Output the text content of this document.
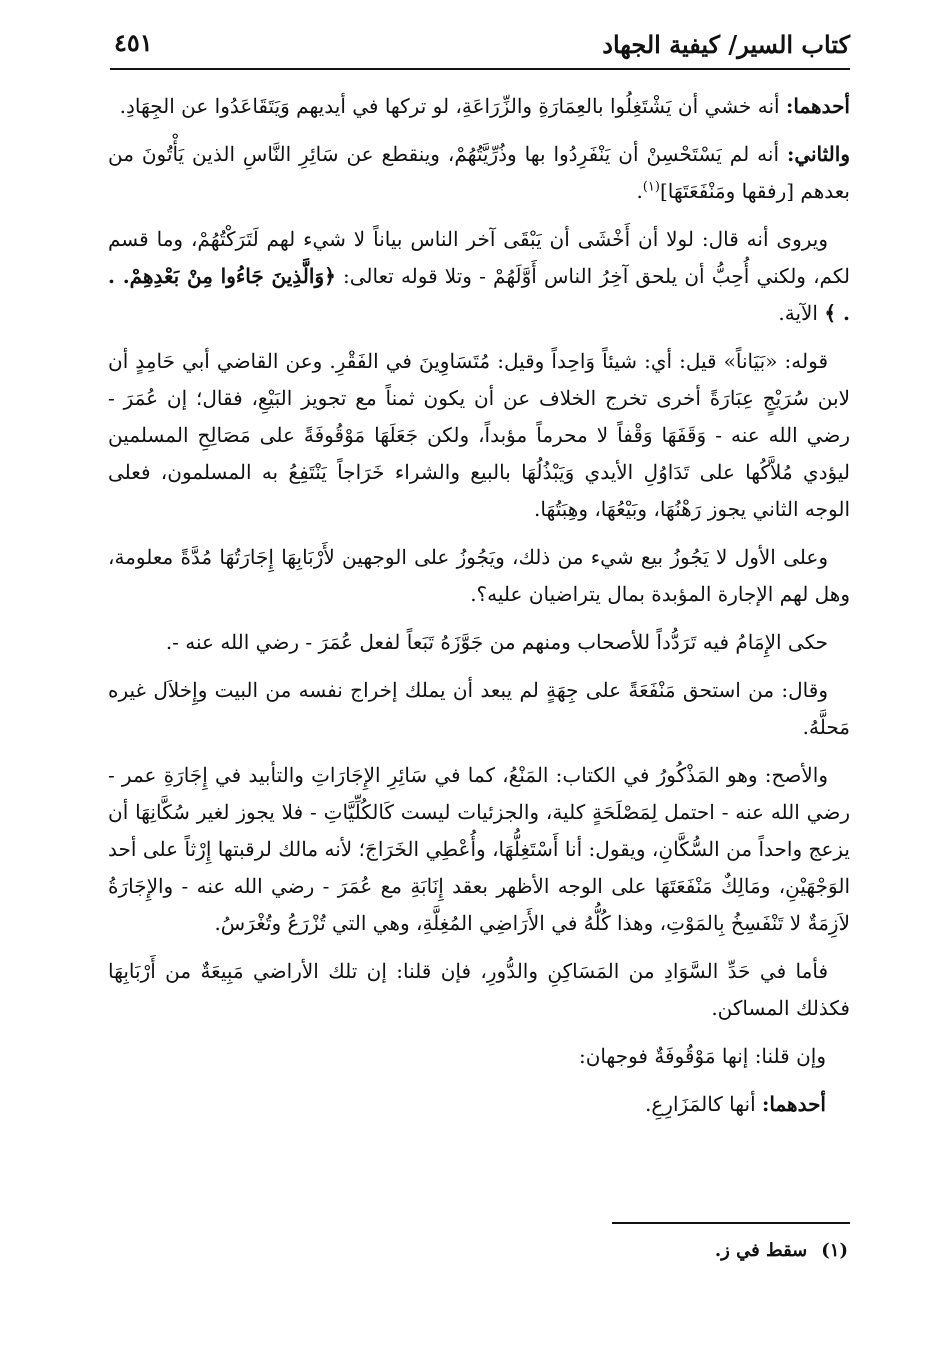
كتاب السير/ كيفية الجهاد
٤٥١

أحدهما: أنه خشي أن يَشْتَغِلُوا بالعِمَارَةِ والزِّرَاعَةِ، لو تركها في أيديهم وَيَتَقَاعَدُوا عن الجِهَادِ.

والثاني: أنه لم يَسْتَحْسِنْ أن يَنْفَرِدُوا بها وذُرِّيَّتُهُمْ، وينقطع عن سَائِرِ النَّاسِ الذين يَأْتُونَ من بعدهم [رفقها ومَنْفَعَتَهَا]$^{(١)}$.

ويروى أنه قال: لولا أن أَخْشَى أن يَبْقَى آخر الناس بياناً لا شيء لهم لَتَرَكْتُهُمْ، وما قسم لكم، ولكني أُحِبُّ أن يلحق آخِرُ الناس أَوَّلَهُمْ - وتلا قوله تعالى: ﴿وَالَّذِينَ جَاءُوا مِنْ بَعْدِهِمْ. . . ﴾ الآية.

قوله: «بَيَاناً» قيل: أي: شيئاً وَاحِداً وقيل: مُتَسَاوِينَ في الفَقْرِ. وعن القاضي أبي حَامِدٍ أن لابن سُرَيْجٍ عِبَارَةً أخرى تخرج الخلاف عن أن يكون ثمناً مع تجويز البَيْعِ، فقال؛ إن عُمَرَ - رضي الله عنه - وَقَفَهَا وَقْفاً لا محرماً مؤبداً، ولكن جَعَلَهَا مَوْقُوفَةً على مَصَالِحِ المسلمين ليؤدي مُلاَّكُها على تَدَاوُلِ الأيدي وَيَبْذُلُهَا بالبيع والشراء خَرَاجاً يَنْتَفِعُ به المسلمون، فعلى الوجه الثاني يجوز رَهْنُهَا، وبَيْعُهَا، وهِبَتُهَا.

وعلى الأول لا يَجُوزُ بيع شيء من ذلك، ويَجُوزُ على الوجهين لأَرْبَابِهَا إِجَارَتُهَا مُدَّةً معلومة، وهل لهم الإجارة المؤبدة بمال يتراضيان عليه؟.

حكى الإِمَامُ فيه تَرَدُّداً للأصحاب ومنهم من جَوَّزَهُ تَبَعاً لفعل عُمَرَ - رضي الله عنه -.

وقال: من استحق مَنْفَعَةً على جِهَةٍ لم يبعد أن يملك إخراج نفسه من البيت وإِخلاَل غيره مَحلَّهُ.

والأصح: وهو المَذْكُورُ في الكتاب: المَنْعُ، كما في سَائِرِ الإِجَارَاتِ والتأبيد في إِجَارَةِ عمر - رضي الله عنه - احتمل لِمَصْلَحَةٍ كلية، والجزئيات ليست كَالكُلِّيَّاتِ - فلا يجوز لغير سُكَّانِهَا أن يزعج واحداً من السُّكَّانِ، ويقول: أنا أَسْتَغِلُّهَا، وأُعْطِي الخَرَاجَ؛ لأنه مالك لرقبتها إِرْثاً على أحد الوَجْهَيْنِ، ومَالِكٌ مَنْفَعَتَهَا على الوجه الأظهر بعقد إِنَابَةِ مع عُمَرَ - رضي الله عنه - والإِجَارَةُ لاَزِمَةٌ لا تَنْفَسِخُ بِالمَوْتِ، وهذا كُلُّهُ في الأَرَاضِي المُغِلَّةِ، وهي التي تُزْرَعُ وتُغْرَسُ.

فأما في حَدِّ السَّوَادِ من المَسَاكِنِ والدُّورِ، فإن قلنا: إن تلك الأراضي مَبِيعَةٌ من أَرْبَابِهَا فكذلك المساكن.

وإن قلنا: إنها مَوْقُوفَةٌ فوجهان:

أحدهما: أنها كالمَزَارِعِ.

(١)سقط في ز.
